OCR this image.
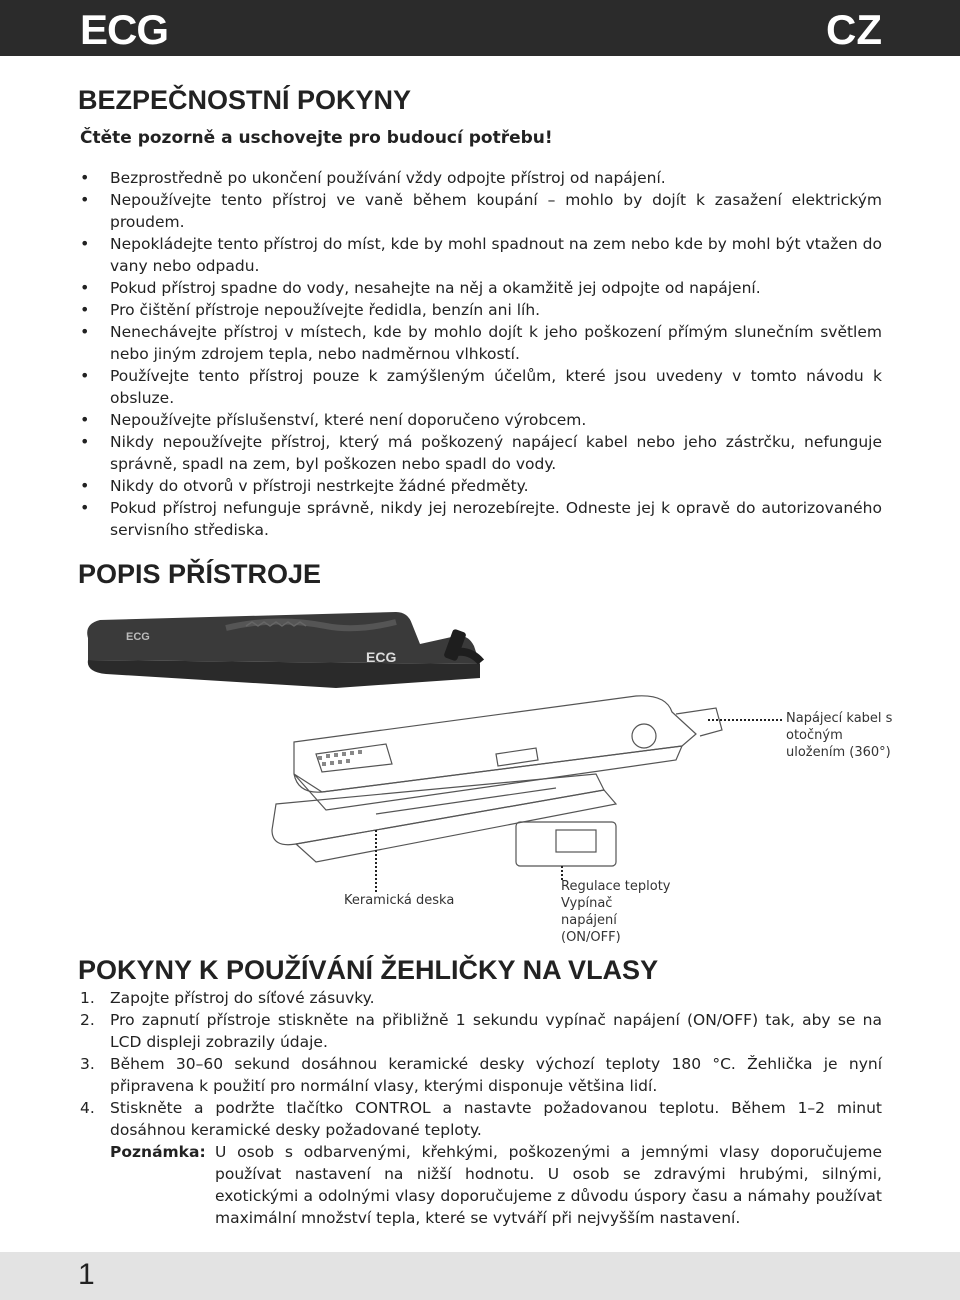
ECG	CZ
BEZPEČNOSTNÍ POKYNY

Čtěte pozorně a uschovejte pro budoucí potřebu!

• Bezprostředně po ukončení používání vždy odpojte přístroj od napájení.
• Nepoužívejte tento přístroj ve vaně během koupání – mohlo by dojít k zasažení elektrickým proudem.
• Nepokládejte tento přístroj do míst, kde by mohl spadnout na zem nebo kde by mohl být vtažen do vany nebo odpadu.
• Pokud přístroj spadne do vody, nesahejte na něj a okamžitě jej odpojte od napájení.
• Pro čištění přístroje nepoužívejte ředidla, benzín ani líh.
• Nenechávejte přístroj v místech, kde by mohlo dojít k jeho poškození přímým slunečním světlem nebo jiným zdrojem tepla, nebo nadměrnou vlhkostí.
• Používejte tento přístroj pouze k zamýšleným účelům, které jsou uvedeny v tomto návodu k obsluze.
• Nepoužívejte příslušenství, které není doporučeno výrobcem.
• Nikdy nepoužívejte přístroj, který má poškozený napájecí kabel nebo jeho zástrčku, nefunguje správně, spadl na zem, byl poškozen nebo spadl do vody.
• Nikdy do otvorů v přístroji nestrkejte žádné předměty.
• Pokud přístroj nefunguje správně, nikdy jej nerozebírejte. Odneste jej k opravě do autorizovaného servisního střediska.
POPIS PŘÍSTROJE
ECG
ECG
Napájecí kabel s otočným uložením (360°)
Keramická deska
Regulace teploty
Vypínač napájení (ON/OFF)
POKYNY K POUŽÍVÁNÍ ŽEHLIČKY NA VLASY
1. Zapojte přístroj do síťové zásuvky.
2. Pro zapnutí přístroje stiskněte na přibližně 1 sekundu vypínač napájení (ON/OFF) tak, aby se na LCD displeji zobrazily údaje.
3. Během 30–60 sekund dosáhnou keramické desky výchozí teploty 180 °C. Žehlička je nyní připravena k použití pro normální vlasy, kterými disponuje většina lidí.
4. Stiskněte a podržte tlačítko CONTROL a nastavte požadovanou teplotu. Během 1–2 minut dosáhnou keramické desky požadované teploty.
Poznámka: U osob s odbarvenými, křehkými, poškozenými a jemnými vlasy doporučujeme používat nastavení na nižší hodnotu. U osob se zdravými hrubými, silnými, exotickými a odolnými vlasy doporučujeme z důvodu úspory času a námahy používat maximální množství tepla, které se vytváří při nejvyšším nastavení.
1
